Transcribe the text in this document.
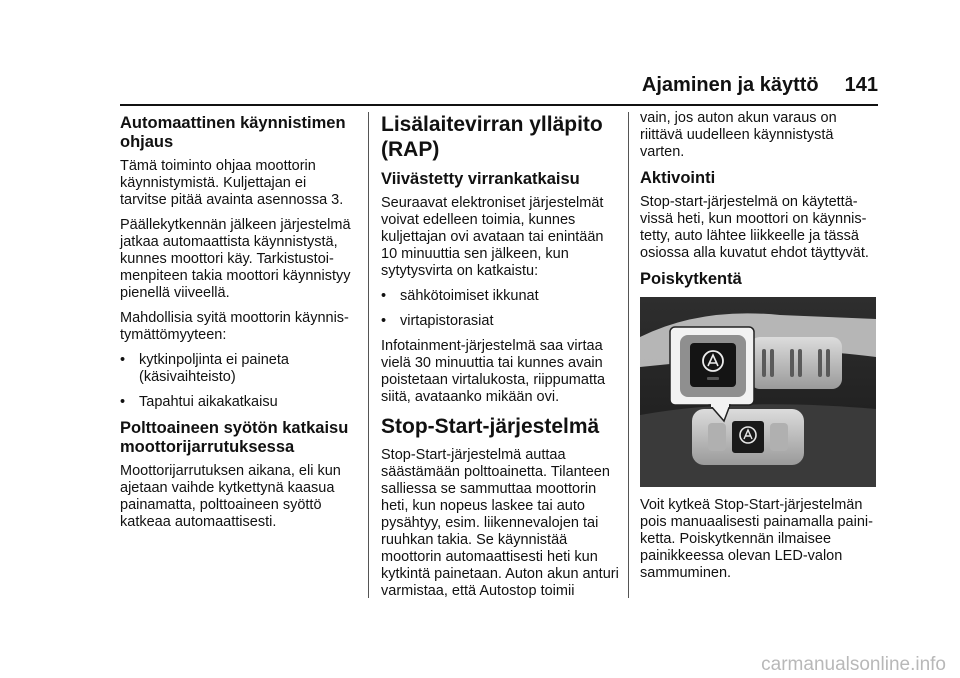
Ajaminen ja käyttö 141
Automaattinen käynnistimen ohjaus

Tämä toiminto ohjaa moottorin käynnistymistä. Kuljettajan ei tarvitse pitää avainta asennossa 3.

Päällekytkennän jälkeen järjestelmä jatkaa automaattista käynnistystä, kunnes moottori käy. Tarkistustoimenpiteen takia moottori käynnistyy pienellä viiveellä.

Mahdollisia syitä moottorin käynnistymättömyyteen:

• kytkinpoljinta ei paineta (käsivaihteisto)
• Tapahtui aikakatkaisu
Polttoaineen syötön katkaisu moottorijarrutuksessa

Moottorijarrutuksen aikana, eli kun ajetaan vaihde kytkettynä kaasua painamatta, polttoaineen syöttö katkeaa automaattisesti.

Lisälaitevirran ylläpito (RAP)
Viivästetty virrankatkaisu

Seuraavat elektroniset järjestelmät voivat edelleen toimia, kunnes kuljettajan ovi avataan tai enintään 10 minuuttia sen jälkeen, kun sytytysvirta on katkaistu:

• sähkötoimiset ikkunat
• virtapistorasiat

Infotainment-järjestelmä saa virtaa vielä 30 minuuttia tai kunnes avain poistetaan virtalukosta, riippumatta siitä, avataanko mikään ovi.

Stop-Start-järjestelmä

Stop-Start-järjestelmä auttaa säästämään polttoainetta. Tilanteen salliessa se sammuttaa moottorin heti, kun nopeus laskee tai auto pysähtyy, esim. liikennevalojen tai ruuhkan takia. Se käynnistää moottorin automaattisesti heti kun kytkintä painetaan. Auton akun anturi varmistaa, että Autostop toimii

vain, jos auton akun varaus on riittävä uudelleen käynnistystä varten.

Aktivointi

Stop-start-järjestelmä on käytettävissä heti, kun moottori on käynnistetty, auto lähtee liikkeelle ja tässä osiossa alla kuvatut ehdot täyttyvät.

Poiskytkentä

Voit kytkeä Stop-Start-järjestelmän pois manuaalisesti painamalla painiketta. Poiskytkennän ilmaisee painikkeessa olevan LED-valon sammuminen.

carmanualsonline.info
